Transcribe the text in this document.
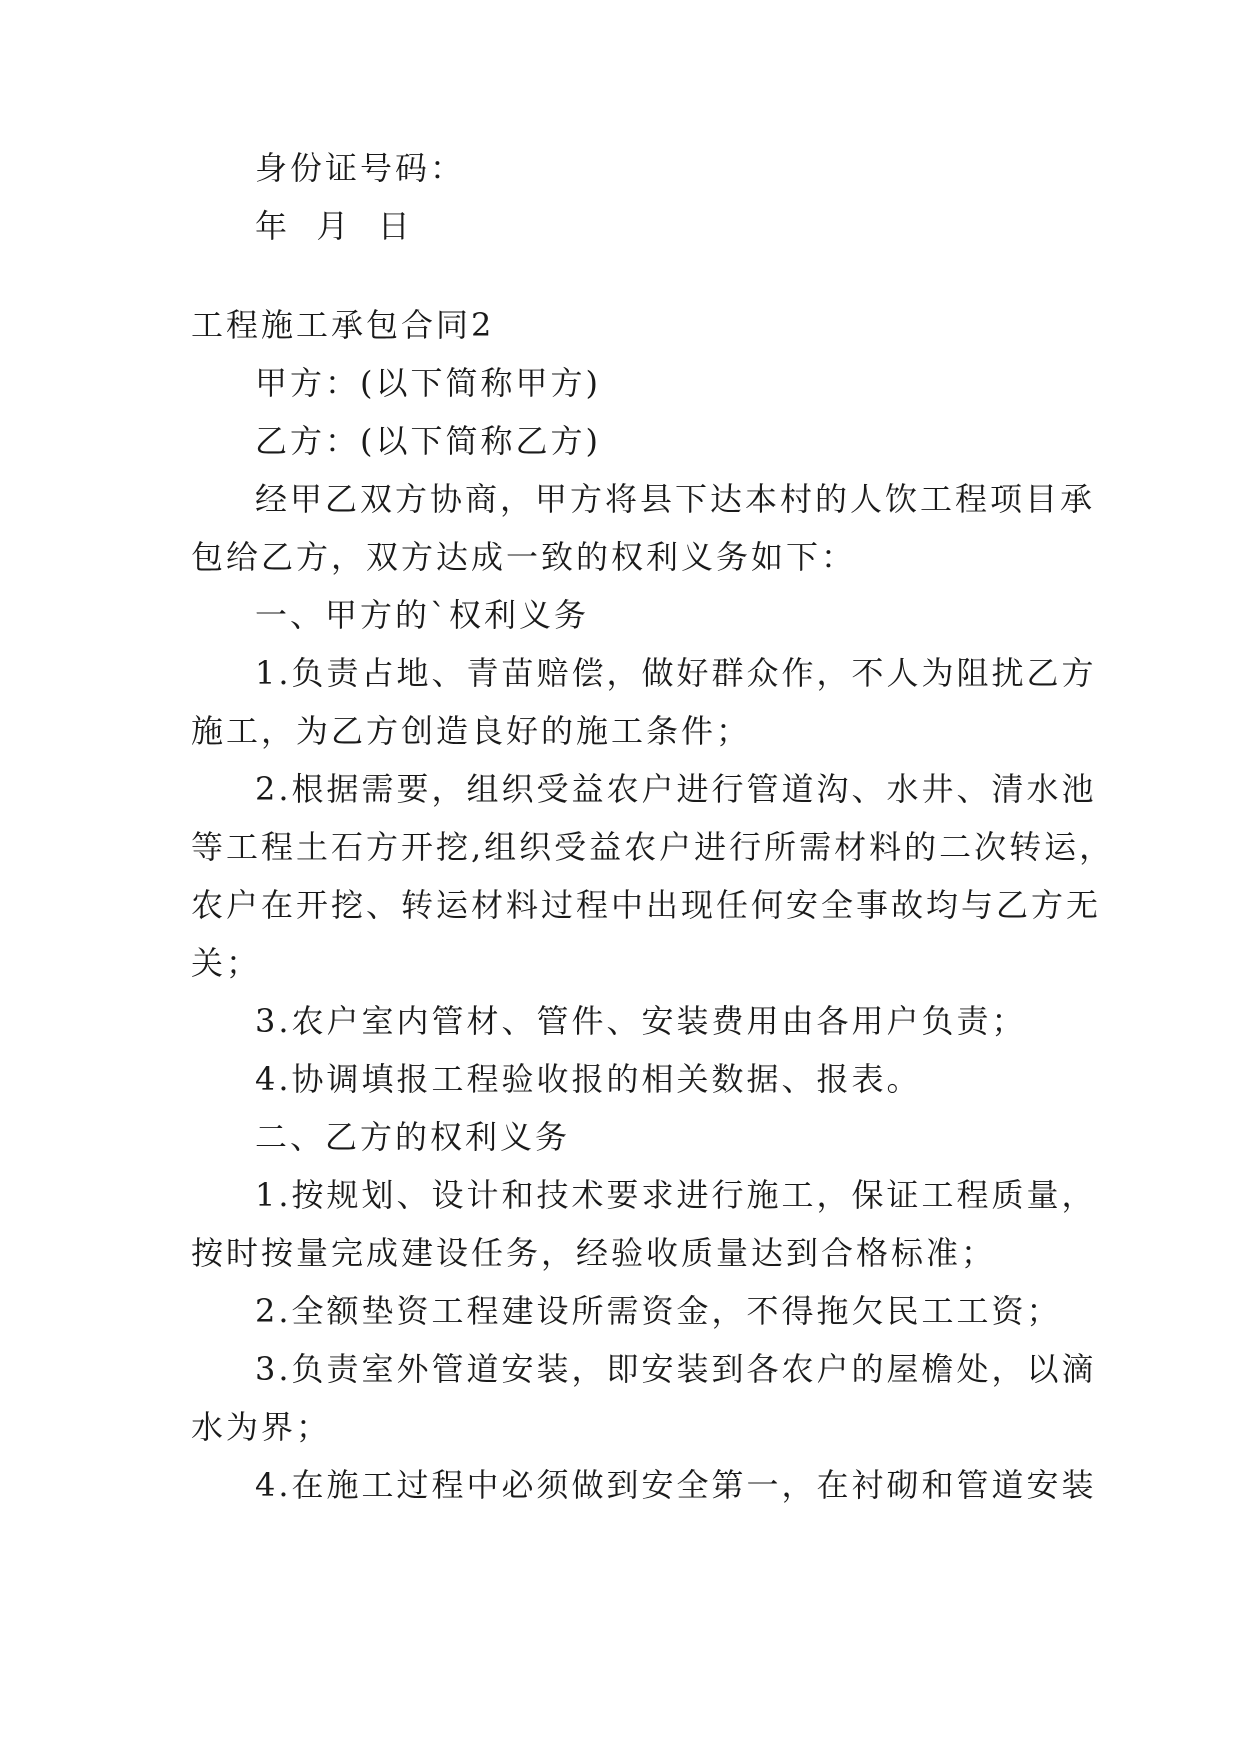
身份证号码：
年  月  日
工程施工承包合同2
甲方：(以下简称甲方)
乙方：(以下简称乙方)
经甲乙双方协商，甲方将县下达本村的人饮工程项目承
包给乙方，双方达成一致的权利义务如下：
一、甲方的`权利义务
1.负责占地、青苗赔偿，做好群众作，不人为阻扰乙方
施工，为乙方创造良好的施工条件；
2.根据需要，组织受益农户进行管道沟、水井、清水池
等工程土石方开挖,组织受益农户进行所需材料的二次转运，
农户在开挖、转运材料过程中出现任何安全事故均与乙方无
关；
3.农户室内管材、管件、安装费用由各用户负责；
4.协调填报工程验收报的相关数据、报表。
二、乙方的权利义务
1.按规划、设计和技术要求进行施工，保证工程质量，
按时按量完成建设任务，经验收质量达到合格标准；
2.全额垫资工程建设所需资金，不得拖欠民工工资；
3.负责室外管道安装，即安装到各农户的屋檐处，以滴
水为界；
4.在施工过程中必须做到安全第一，在衬砌和管道安装
